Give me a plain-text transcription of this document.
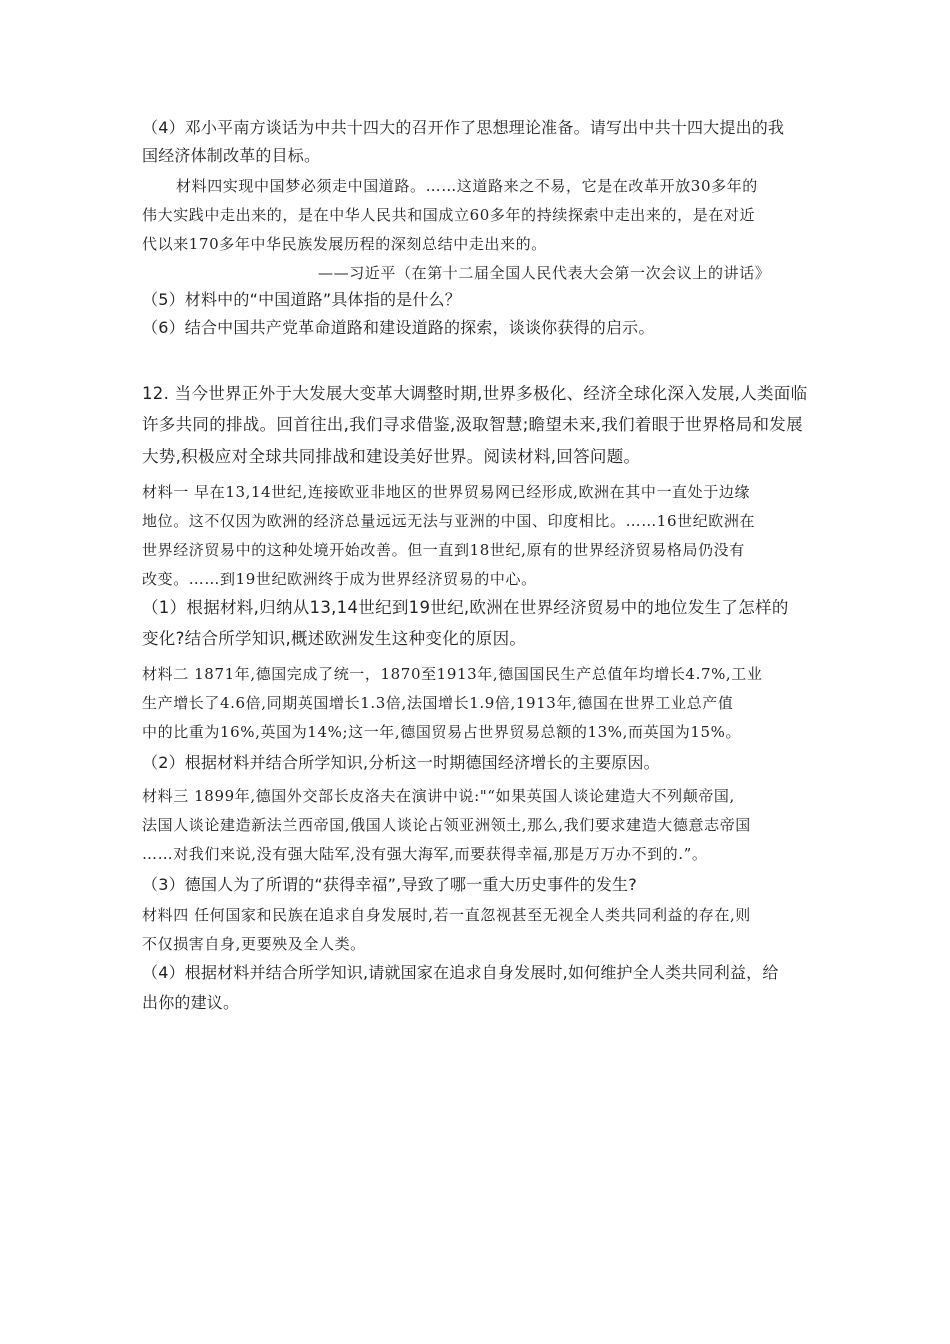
（4）邓小平南方谈话为中共十四大的召开作了思想理论准备。请写出中共十四大提出的我
国经济体制改革的目标。
材料四实现中国梦必须走中国道路。……这道路来之不易，它是在改革开放30多年的
伟大实践中走出来的，是在中华人民共和国成立60多年的持续探索中走出来的，是在对近
代以来170多年中华民族发展历程的深刻总结中走出来的。
——习近平（在第十二届全国人民代表大会第一次会议上的讲话》
（5）材料中的“中国道路”具体指的是什么？
（6）结合中国共产党革命道路和建设道路的探索，谈谈你获得的启示。
12. 当今世界正外于大发展大变革大调整时期,世界多极化、经济全球化深入发展,人类面临
许多共同的排战。回首往出,我们寻求借鉴,汲取智慧;瞻望未来,我们着眼于世界格局和发展
大势,积极应对全球共同排战和建设美好世界。阅读材料,回答问题。
材料一 早在13,14世纪,连接欧亚非地区的世界贸易网已经形成,欧洲在其中一直处于边缘
地位。这不仅因为欧洲的经济总量远远无法与亚洲的中国、印度相比。……16世纪欧洲在
世界经济贸易中的这种处境开始改善。但一直到18世纪,原有的世界经济贸易格局仍没有
改变。……到19世纪欧洲终于成为世界经济贸易的中心。
（1）根据材料,归纳从13,14世纪到19世纪,欧洲在世界经济贸易中的地位发生了怎样的
变化?结合所学知识,概述欧洲发生这种变化的原因。
材料二 1871年,德国完成了统一，1870至1913年,德国国民生产总值年均增长4.7%,工业
生产增长了4.6倍,同期英国增长1.3倍,法国增长1.9倍,1913年,德国在世界工业总产值
中的比重为16%,英国为14%;这一年,德国贸易占世界贸易总额的13%,而英国为15%。
（2）根据材料并结合所学知识,分析这一时期德国经济增长的主要原因。
材料三 1899年,德国外交部长皮洛夫在演讲中说:"“如果英国人谈论建造大不列颠帝国,
法国人谈论建造新法兰西帝国,俄国人谈论占领亚洲领土,那么,我们要求建造大德意志帝国
……对我们来说,没有强大陆军,没有强大海军,而要获得幸福,那是万万办不到的.”。
（3）德国人为了所谓的“获得幸福”,导致了哪一重大历史事件的发生?
材料四 任何国家和民族在追求自身发展时,若一直忽视甚至无视全人类共同利益的存在,则
不仅损害自身,更要殃及全人类。
（4）根据材料并结合所学知识,请就国家在追求自身发展时,如何维护全人类共同利益，给
出你的建议。
